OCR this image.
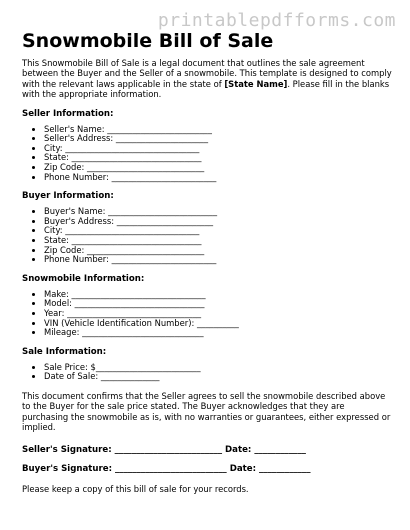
printablepdfforms.com
Snowmobile Bill of Sale

This Snowmobile Bill of Sale is a legal document that outlines the sale agreement between the Buyer and the Seller of a snowmobile. This template is designed to comply with the relevant laws applicable in the state of [State Name]. Please fill in the blanks with the appropriate information.

Seller Information:
• Seller's Name: _________________________
• Seller's Address: ______________________
• City: ________________________________
• State: _______________________________
• Zip Code: ____________________________
• Phone Number: _________________________
Buyer Information:
• Buyer's Name: __________________________
• Buyer's Address: _______________________
• City: ________________________________
• State: _______________________________
• Zip Code: ____________________________
• Phone Number: _________________________
Snowmobile Information:
• Make: ________________________________
• Model: _______________________________
• Year: ________________________________
• VIN (Vehicle Identification Number): __________
• Mileage: _____________________________
Sale Information:
• Sale Price: $_________________________
• Date of Sale: ______________

This document confirms that the Seller agrees to sell the snowmobile described above to the Buyer for the sale price stated. The Buyer acknowledges that they are purchasing the snowmobile as is, with no warranties or guarantees, either expressed or implied.

Seller's Signature: _________________________ Date: ____________
Buyer's Signature: __________________________ Date: ____________

Please keep a copy of this bill of sale for your records.
